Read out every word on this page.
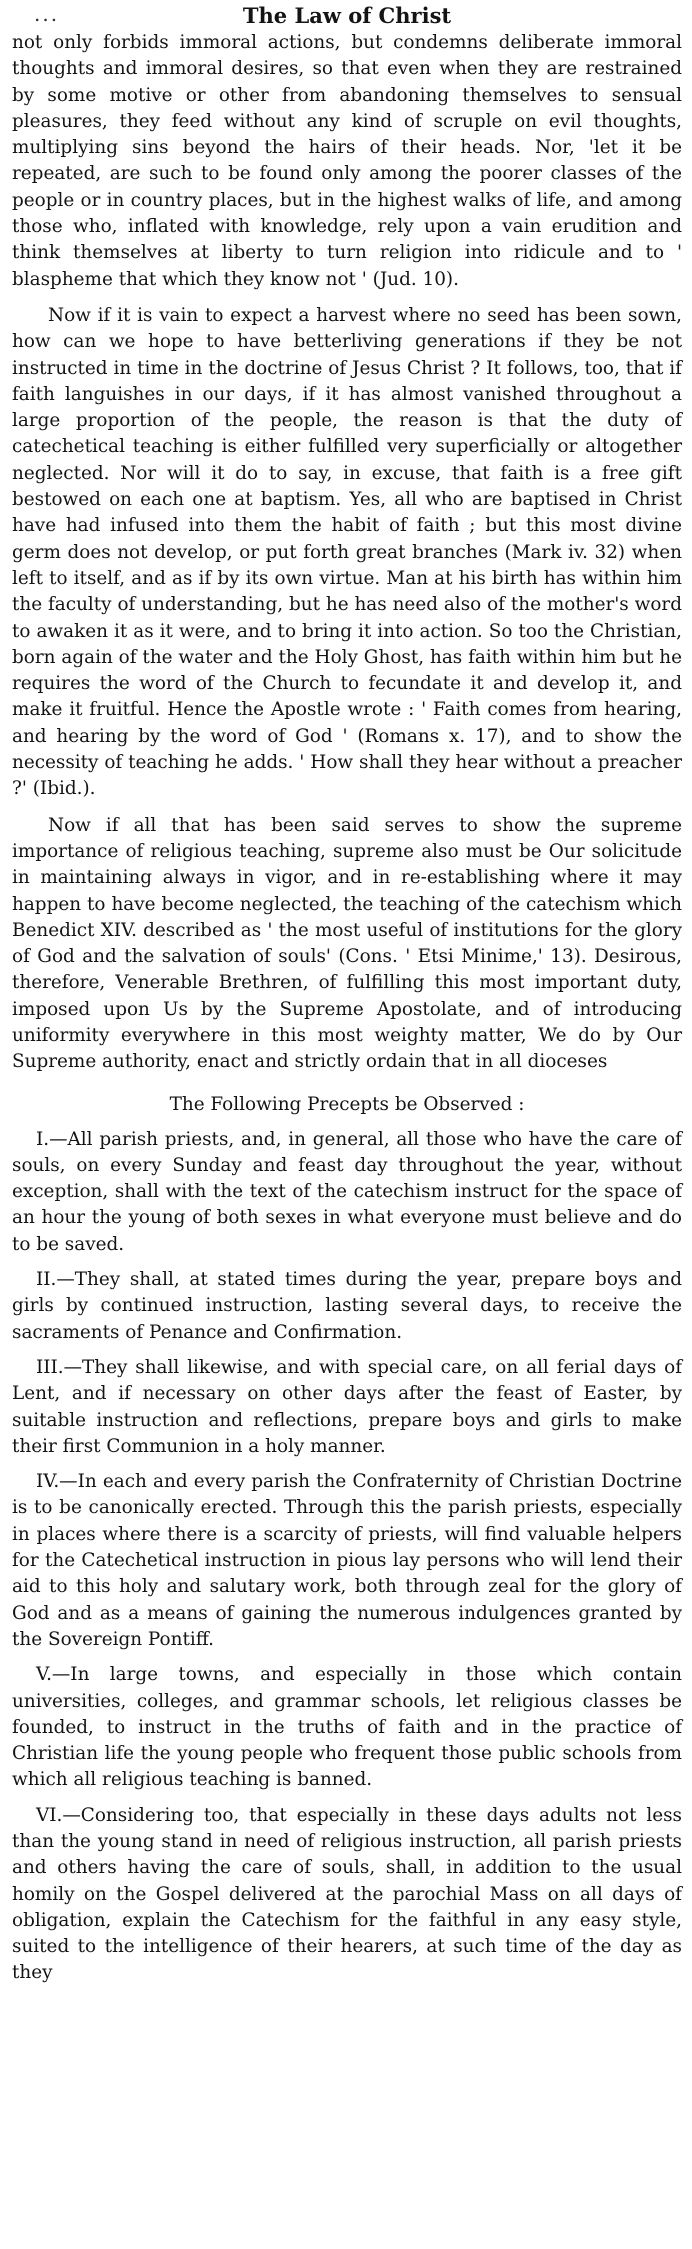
...	The Law of Christ

not only forbids immoral actions, but condemns deliberate immoral thoughts and immoral desires, so that even when they are restrained by some motive or other from abandoning themselves to sensual pleasures, they feed without any kind of scruple on evil thoughts, multiplying sins beyond the hairs of their heads. Nor, 'let it be repeated, are such to be found only among the poorer classes of the people or in country places, but in the highest walks of life, and among those who, inflated with knowledge, rely upon a vain erudition and think themselves at liberty to turn religion into ridicule and to ' blaspheme that which they know not ' (Jud. 10).

Now if it is vain to expect a harvest where no seed has been sown, how can we hope to have betterliving generations if they be not instructed in time in the doctrine of Jesus Christ ? It follows, too, that if faith languishes in our days, if it has almost vanished throughout a large proportion of the people, the reason is that the duty of catechetical teaching is either fulfilled very superficially or altogether neglected. Nor will it do to say, in excuse, that faith is a free gift bestowed on each one at baptism. Yes, all who are baptised in Christ have had infused into them the habit of faith ; but this most divine germ does not develop, or put forth great branches (Mark iv. 32) when left to itself, and as if by its own virtue. Man at his birth has within him the faculty of understanding, but he has need also of the mother's word to awaken it as it were, and to bring it into action. So too the Christian, born again of the water and the Holy Ghost, has faith within him but he requires the word of the Church to fecundate it and develop it, and make it fruitful. Hence the Apostle wrote : ' Faith comes from hearing, and hearing by the word of God ' (Romans x. 17), and to show the necessity of teaching he adds. ' How shall they hear without a preacher ?' (Ibid.).

Now if all that has been said serves to show the supreme importance of religious teaching, supreme also must be Our solicitude in maintaining always in vigor, and in re-establishing where it may happen to have become neglected, the teaching of the catechism which Benedict XIV. described as ' the most useful of institutions for the glory of God and the salvation of souls' (Cons. ' Etsi Minime,' 13). Desirous, therefore, Venerable Brethren, of fulfilling this most important duty, imposed upon Us by the Supreme Apostolate, and of introducing uniformity everywhere in this most weighty matter, We do by Our Supreme authority, enact and strictly ordain that in all dioceses

The Following Precepts be Observed :

I.—All parish priests, and, in general, all those who have the care of souls, on every Sunday and feast day throughout the year, without exception, shall with the text of the catechism instruct for the space of an hour the young of both sexes in what everyone must believe and do to be saved.

II.—They shall, at stated times during the year, prepare boys and girls by continued instruction, lasting several days, to receive the sacraments of Penance and Confirmation.

III.—They shall likewise, and with special care, on all ferial days of Lent, and if necessary on other days after the feast of Easter, by suitable instruction and reflections, prepare boys and girls to make their first Communion in a holy manner.

IV.—In each and every parish the Confraternity of Christian Doctrine is to be canonically erected. Through this the parish priests, especially in places where there is a scarcity of priests, will find valuable helpers for the Catechetical instruction in pious lay persons who will lend their aid to this holy and salutary work, both through zeal for the glory of God and as a means of gaining the numerous indulgences granted by the Sovereign Pontiff.

V.—In large towns, and especially in those which contain universities, colleges, and grammar schools, let religious classes be founded, to instruct in the truths of faith and in the practice of Christian life the young people who frequent those public schools from which all religious teaching is banned.

VI.—Considering too, that especially in these days adults not less than the young stand in need of religious instruction, all parish priests and others having the care of souls, shall, in addition to the usual homily on the Gospel delivered at the parochial Mass on all days of obligation, explain the Catechism for the faithful in any easy style, suited to the intelligence of their hearers, at such time of the day as they
